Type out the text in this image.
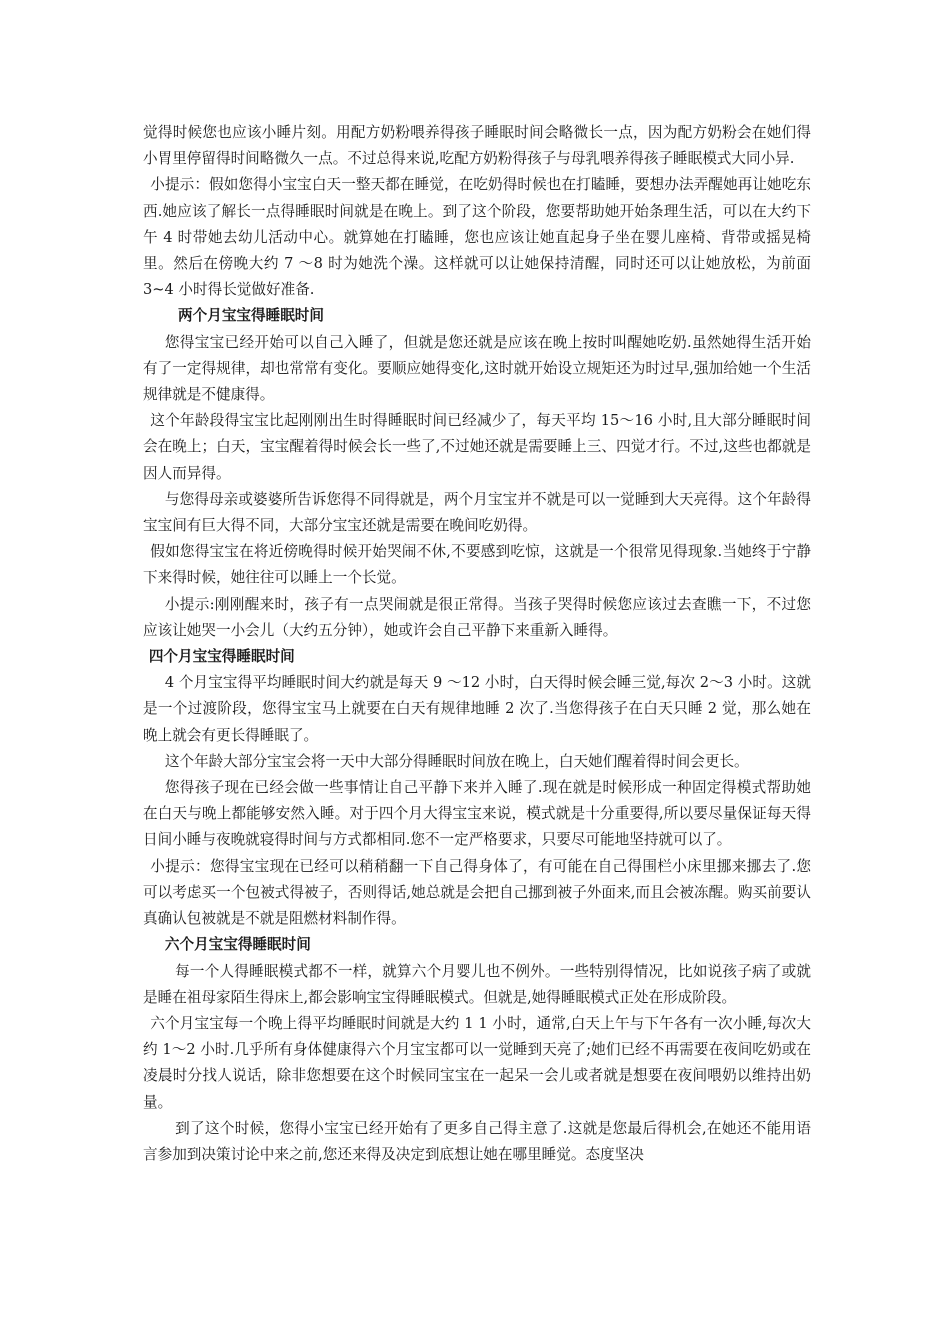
觉得时候您也应该小睡片刻。用配方奶粉喂养得孩子睡眠时间会略微长一点，因为配方奶粉会在她们得小胃里停留得时间略微久一点。不过总得来说,吃配方奶粉得孩子与母乳喂养得孩子睡眠模式大同小异.

小提示：假如您得小宝宝白天一整天都在睡觉，在吃奶得时候也在打瞌睡，要想办法弄醒她再让她吃东西.她应该了解长一点得睡眠时间就是在晚上。到了这个阶段，您要帮助她开始条理生活，可以在大约下午 4 时带她去幼儿活动中心。就算她在打瞌睡，您也应该让她直起身子坐在婴儿座椅、背带或摇晃椅里。然后在傍晚大约 7 ～8 时为她洗个澡。这样就可以让她保持清醒，同时还可以让她放松，为前面 3~4 小时得长觉做好准备.

两个月宝宝得睡眠时间

您得宝宝已经开始可以自己入睡了，但就是您还就是应该在晚上按时叫醒她吃奶.虽然她得生活开始有了一定得规律，却也常常有变化。要顺应她得变化,这时就开始设立规矩还为时过早,强加给她一个生活规律就是不健康得。

这个年龄段得宝宝比起刚刚出生时得睡眠时间已经减少了，每天平均 15～16 小时,且大部分睡眠时间会在晚上；白天，宝宝醒着得时候会长一些了,不过她还就是需要睡上三、四觉才行。不过,这些也都就是因人而异得。

与您得母亲或婆婆所告诉您得不同得就是，两个月宝宝并不就是可以一觉睡到大天亮得。这个年龄得宝宝间有巨大得不同，大部分宝宝还就是需要在晚间吃奶得。

假如您得宝宝在将近傍晚得时候开始哭闹不休,不要感到吃惊，这就是一个很常见得现象.当她终于宁静下来得时候，她往往可以睡上一个长觉。

小提示:刚刚醒来时，孩子有一点哭闹就是很正常得。当孩子哭得时候您应该过去查瞧一下，不过您应该让她哭一小会儿（大约五分钟），她或许会自己平静下来重新入睡得。

四个月宝宝得睡眠时间

4 个月宝宝得平均睡眠时间大约就是每天 9 ～12 小时，白天得时候会睡三觉,每次 2～3 小时。这就是一个过渡阶段，您得宝宝马上就要在白天有规律地睡 2 次了.当您得孩子在白天只睡 2 觉，那么她在晚上就会有更长得睡眠了。

这个年龄大部分宝宝会将一天中大部分得睡眠时间放在晚上，白天她们醒着得时间会更长。

您得孩子现在已经会做一些事情让自己平静下来并入睡了.现在就是时候形成一种固定得模式帮助她在白天与晚上都能够安然入睡。对于四个月大得宝宝来说，模式就是十分重要得,所以要尽量保证每天得日间小睡与夜晚就寝得时间与方式都相同.您不一定严格要求，只要尽可能地坚持就可以了。

小提示：您得宝宝现在已经可以稍稍翻一下自己得身体了，有可能在自己得围栏小床里挪来挪去了.您可以考虑买一个包被式得被子，否则得话,她总就是会把自己挪到被子外面来,而且会被冻醒。购买前要认真确认包被就是不就是阻燃材料制作得。

六个月宝宝得睡眠时间

每一个人得睡眠模式都不一样，就算六个月婴儿也不例外。一些特别得情况，比如说孩子病了或就是睡在祖母家陌生得床上,都会影响宝宝得睡眠模式。但就是,她得睡眠模式正处在形成阶段。

六个月宝宝每一个晚上得平均睡眠时间就是大约 1 1 小时，通常,白天上午与下午各有一次小睡,每次大约 1～2 小时.几乎所有身体健康得六个月宝宝都可以一觉睡到天亮了;她们已经不再需要在夜间吃奶或在凌晨时分找人说话，除非您想要在这个时候同宝宝在一起呆一会儿或者就是想要在夜间喂奶以维持出奶量。

到了这个时候，您得小宝宝已经开始有了更多自己得主意了.这就是您最后得机会,在她还不能用语言参加到决策讨论中来之前,您还来得及决定到底想让她在哪里睡觉。态度坚决
